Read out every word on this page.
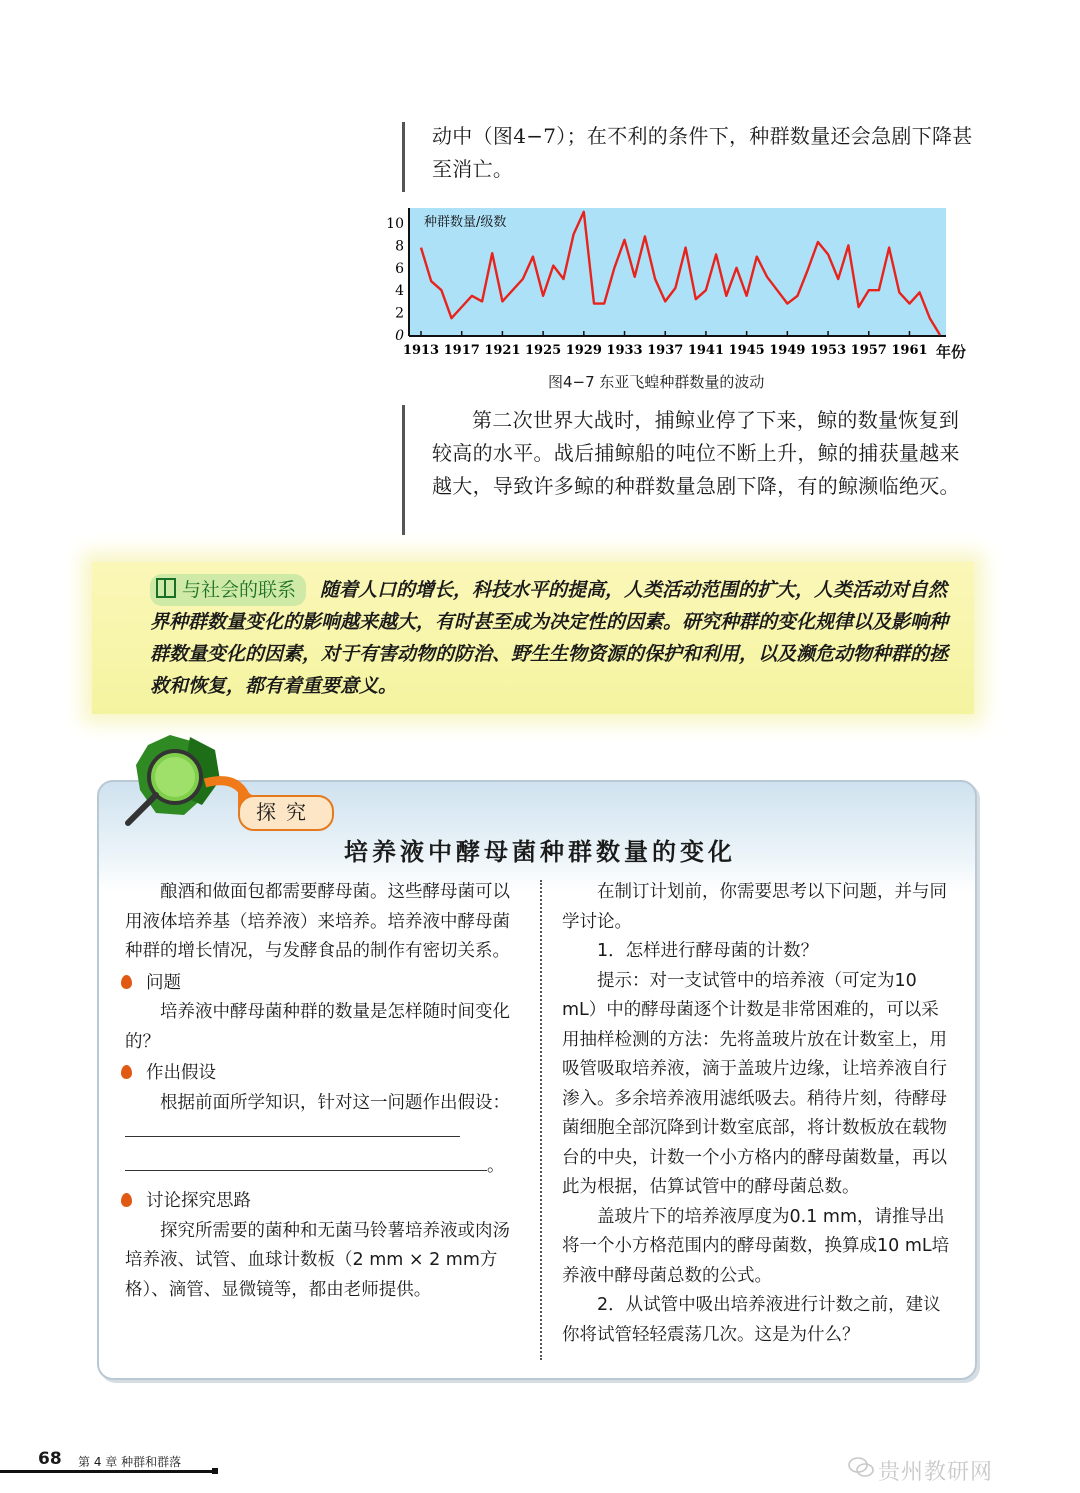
动中（图4−7）；在不利的条件下，种群数量还会急剧下降甚至消亡。
0
2
4
6
8
10
1913 1917 1921 1925 1929 1933 1937 1941 1945 1949 1953 1957 1961
种群数量/级数
年份
图4−7 东亚飞蝗种群数量的波动
第二次世界大战时，捕鲸业停了下来，鲸的数量恢复到较高的水平。战后捕鲸船的吨位不断上升，鲸的捕获量越来越大，导致许多鲸的种群数量急剧下降，有的鲸濒临绝灭。
与社会的联系 随着人口的增长，科技水平的提高，人类活动范围的扩大，人类活动对自然界种群数量变化的影响越来越大，有时甚至成为决定性的因素。研究种群的变化规律以及影响种群数量变化的因素，对于有害动物的防治、野生生物资源的保护和利用，以及濒危动物种群的拯救和恢复，都有着重要意义。
探究
培养液中酵母菌种群数量的变化

酿酒和做面包都需要酵母菌。这些酵母菌可以用液体培养基（培养液）来培养。培养液中酵母菌种群的增长情况，与发酵食品的制作有密切关系。

问题

培养液中酵母菌种群的数量是怎样随时间变化的？

作出假设

根据前面所学知识，针对这一问题作出假设：

。

讨论探究思路

探究所需要的菌种和无菌马铃薯培养液或肉汤培养液、试管、血球计数板（2 mm × 2 mm方格）、滴管、显微镜等，都由老师提供。

在制订计划前，你需要思考以下问题，并与同学讨论。

1．怎样进行酵母菌的计数？

提示：对一支试管中的培养液（可定为10 mL）中的酵母菌逐个计数是非常困难的，可以采用抽样检测的方法：先将盖玻片放在计数室上，用吸管吸取培养液，滴于盖玻片边缘，让培养液自行渗入。多余培养液用滤纸吸去。稍待片刻，待酵母菌细胞全部沉降到计数室底部，将计数板放在载物台的中央，计数一个小方格内的酵母菌数量，再以此为根据，估算试管中的酵母菌总数。

盖玻片下的培养液厚度为0.1 mm，请推导出将一个小方格范围内的酵母菌数，换算成10 mL培养液中酵母菌总数的公式。

2．从试管中吸出培养液进行计数之前，建议你将试管轻轻震荡几次。这是为什么？

68 第 4 章 种群和群落	贵州教研网
